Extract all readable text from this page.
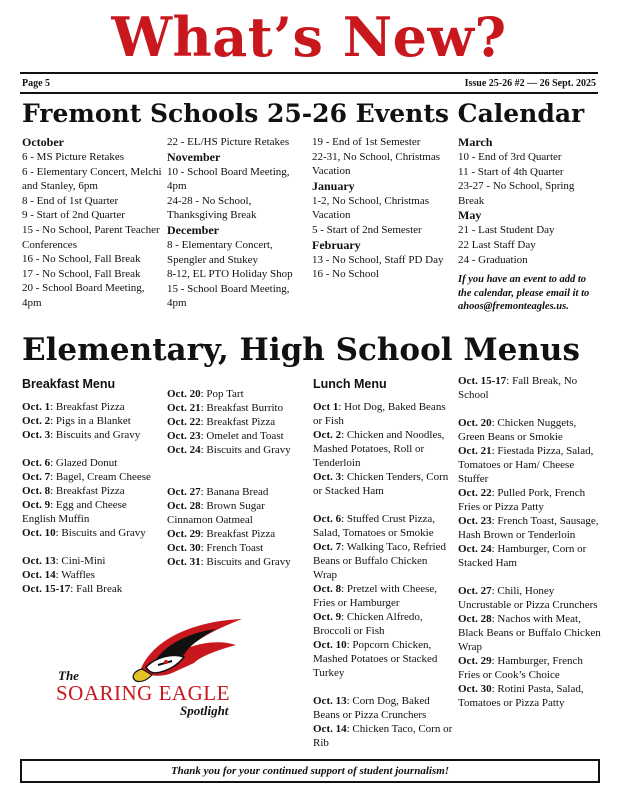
What’s New?
Page 5	Issue 25-26 #2 — 26 Sept. 2025
Fremont Schools 25-26 Events Calendar
October
6 - MS Picture Retakes
6 - Elementary Concert, Melchi and Stanley, 6pm
8 - End of 1st Quarter
9 - Start of 2nd Quarter
15 - No School, Parent Teacher Conferences
16 - No School, Fall Break
17 - No School, Fall Break
20 - School Board Meeting, 4pm
22 - EL/HS Picture Retakes
November
10 - School Board Meeting, 4pm
24-28 - No School, Thanksgiving Break
December
8 - Elementary Concert, Spengler and Stukey
8-12, EL PTO Holiday Shop
15 - School Board Meeting, 4pm
19 - End of 1st Semester
22-31, No School, Christmas Vacation
January
1-2, No School, Christmas Vacation
5 - Start of 2nd Semester
February
13 - No School, Staff PD Day
16 - No School
March
10 - End of 3rd Quarter
11 - Start of 4th Quarter
23-27 - No School, Spring Break
May
21 - Last Student Day
22 Last Staff Day
24 - Graduation
If you have an event to add to the calendar, please email it to ahoos@fremonteagles.us.
Elementary, High School Menus
Breakfast Menu
Oct. 1: Breakfast Pizza
Oct. 2: Pigs in a Blanket
Oct. 3: Biscuits and Gravy
Oct. 6: Glazed Donut
Oct. 7: Bagel, Cream Cheese
Oct. 8: Breakfast Pizza
Oct. 9: Egg and Cheese English Muffin
Oct. 10: Biscuits and Gravy
Oct. 13: Cini-Mini
Oct. 14: Waffles
Oct. 15-17: Fall Break
Oct. 20: Pop Tart
Oct. 21: Breakfast Burrito
Oct. 22: Breakfast Pizza
Oct. 23: Omelet and Toast
Oct. 24: Biscuits and Gravy
Oct. 27: Banana Bread
Oct. 28: Brown Sugar Cinnamon Oatmeal
Oct. 29: Breakfast Pizza
Oct. 30: French Toast
Oct. 31: Biscuits and Gravy
Lunch Menu
Oct 1: Hot Dog, Baked Beans or Fish
Oct. 2: Chicken and Noodles, Mashed Potatoes, Roll or Tenderloin
Oct. 3: Chicken Tenders, Corn or Stacked Ham
Oct. 6: Stuffed Crust Pizza, Salad, Tomatoes or Smokie
Oct. 7: Walking Taco, Refried Beans or Buffalo Chicken Wrap
Oct. 8: Pretzel with Cheese, Fries or Hamburger
Oct. 9: Chicken Alfredo, Broccoli or Fish
Oct. 10: Popcorn Chicken, Mashed Potatoes or Stacked Turkey
Oct. 13: Corn Dog, Baked Beans or Pizza Crunchers
Oct. 14: Chicken Taco, Corn or Rib
Oct. 15-17: Fall Break, No School
Oct. 20: Chicken Nuggets, Green Beans or Smokie
Oct. 21: Fiestada Pizza, Salad, Tomatoes or Ham/ Cheese Stuffer
Oct. 22: Pulled Pork, French Fries or Pizza Patty
Oct. 23: French Toast, Sausage, Hash Brown or Tenderloin
Oct. 24: Hamburger, Corn or Stacked Ham
Oct. 27: Chili, Honey Uncrustable or Pizza Crunchers
Oct. 28: Nachos with Meat, Black Beans or Buffalo Chicken Wrap
Oct. 29: Hamburger, French Fries or Cook’s Choice
Oct. 30: Rotini Pasta, Salad, Tomatoes or Pizza Patty
The
SOARING EAGLE
Spotlight
Thank you for your continued support of student journalism!
